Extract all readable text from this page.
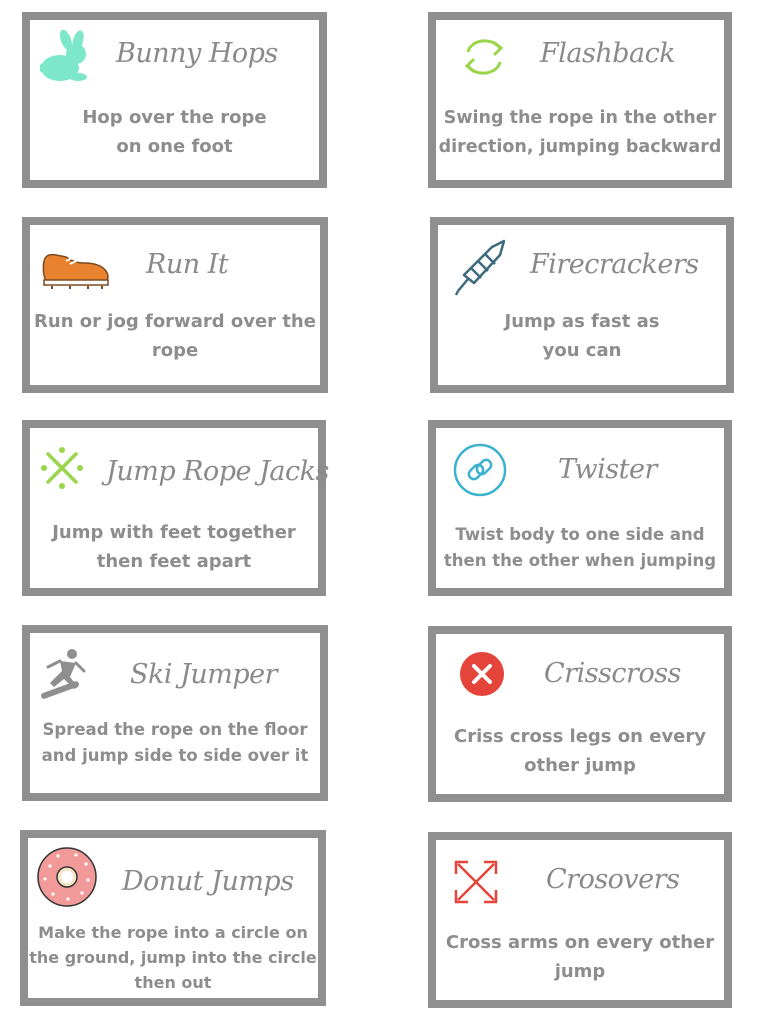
Bunny Hops
Hop over the rope
on one foot
Flashback
Swing the rope in the other
direction, jumping backward
Run It
Run or jog forward over the
rope
Firecrackers
Jump as fast as
you can
Jump Rope Jacks
Jump with feet together
then feet apart
Twister
Twist body to one side and
then the other when jumping
Ski Jumper
Spread the rope on the floor
and jump side to side over it
Crisscross
Criss cross legs on every
other jump
Donut Jumps
Make the rope into a circle on
the ground, jump into the circle
then out
Crosovers
Cross arms on every other
jump
